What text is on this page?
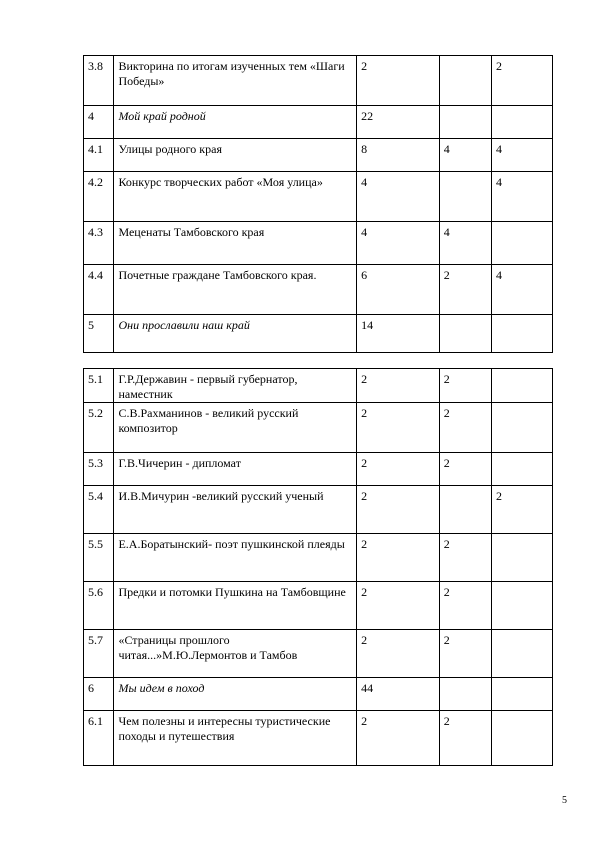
3.8	Викторина по итогам изученных тем «Шаги Победы»	2		2
4	Мой край родной	22		
4.1	Улицы родного края	8	4	4
4.2	Конкурс творческих работ «Моя улица»	4		4
4.3	Меценаты Тамбовского края	4	4	
4.4	Почетные граждане Тамбовского края.	6	2	4
5	Они прославили наш край	14		
5.1	Г.Р.Державин - первый губернатор, наместник	2	2	
5.2	С.В.Рахманинов - великий русский композитор	2	2	
5.3	Г.В.Чичерин - дипломат	2	2	
5.4	И.В.Мичурин -великий русский ученый	2		2
5.5	Е.А.Боратынский- поэт пушкинской плеяды	2	2	
5.6	Предки и потомки Пушкина на Тамбовщине	2	2	
5.7	«Страницы прошлого читая...»М.Ю.Лермонтов и Тамбов	2	2	
6	Мы идем в поход	44		
6.1	Чем полезны и интересны туристические походы и путешествия	2	2	
5
